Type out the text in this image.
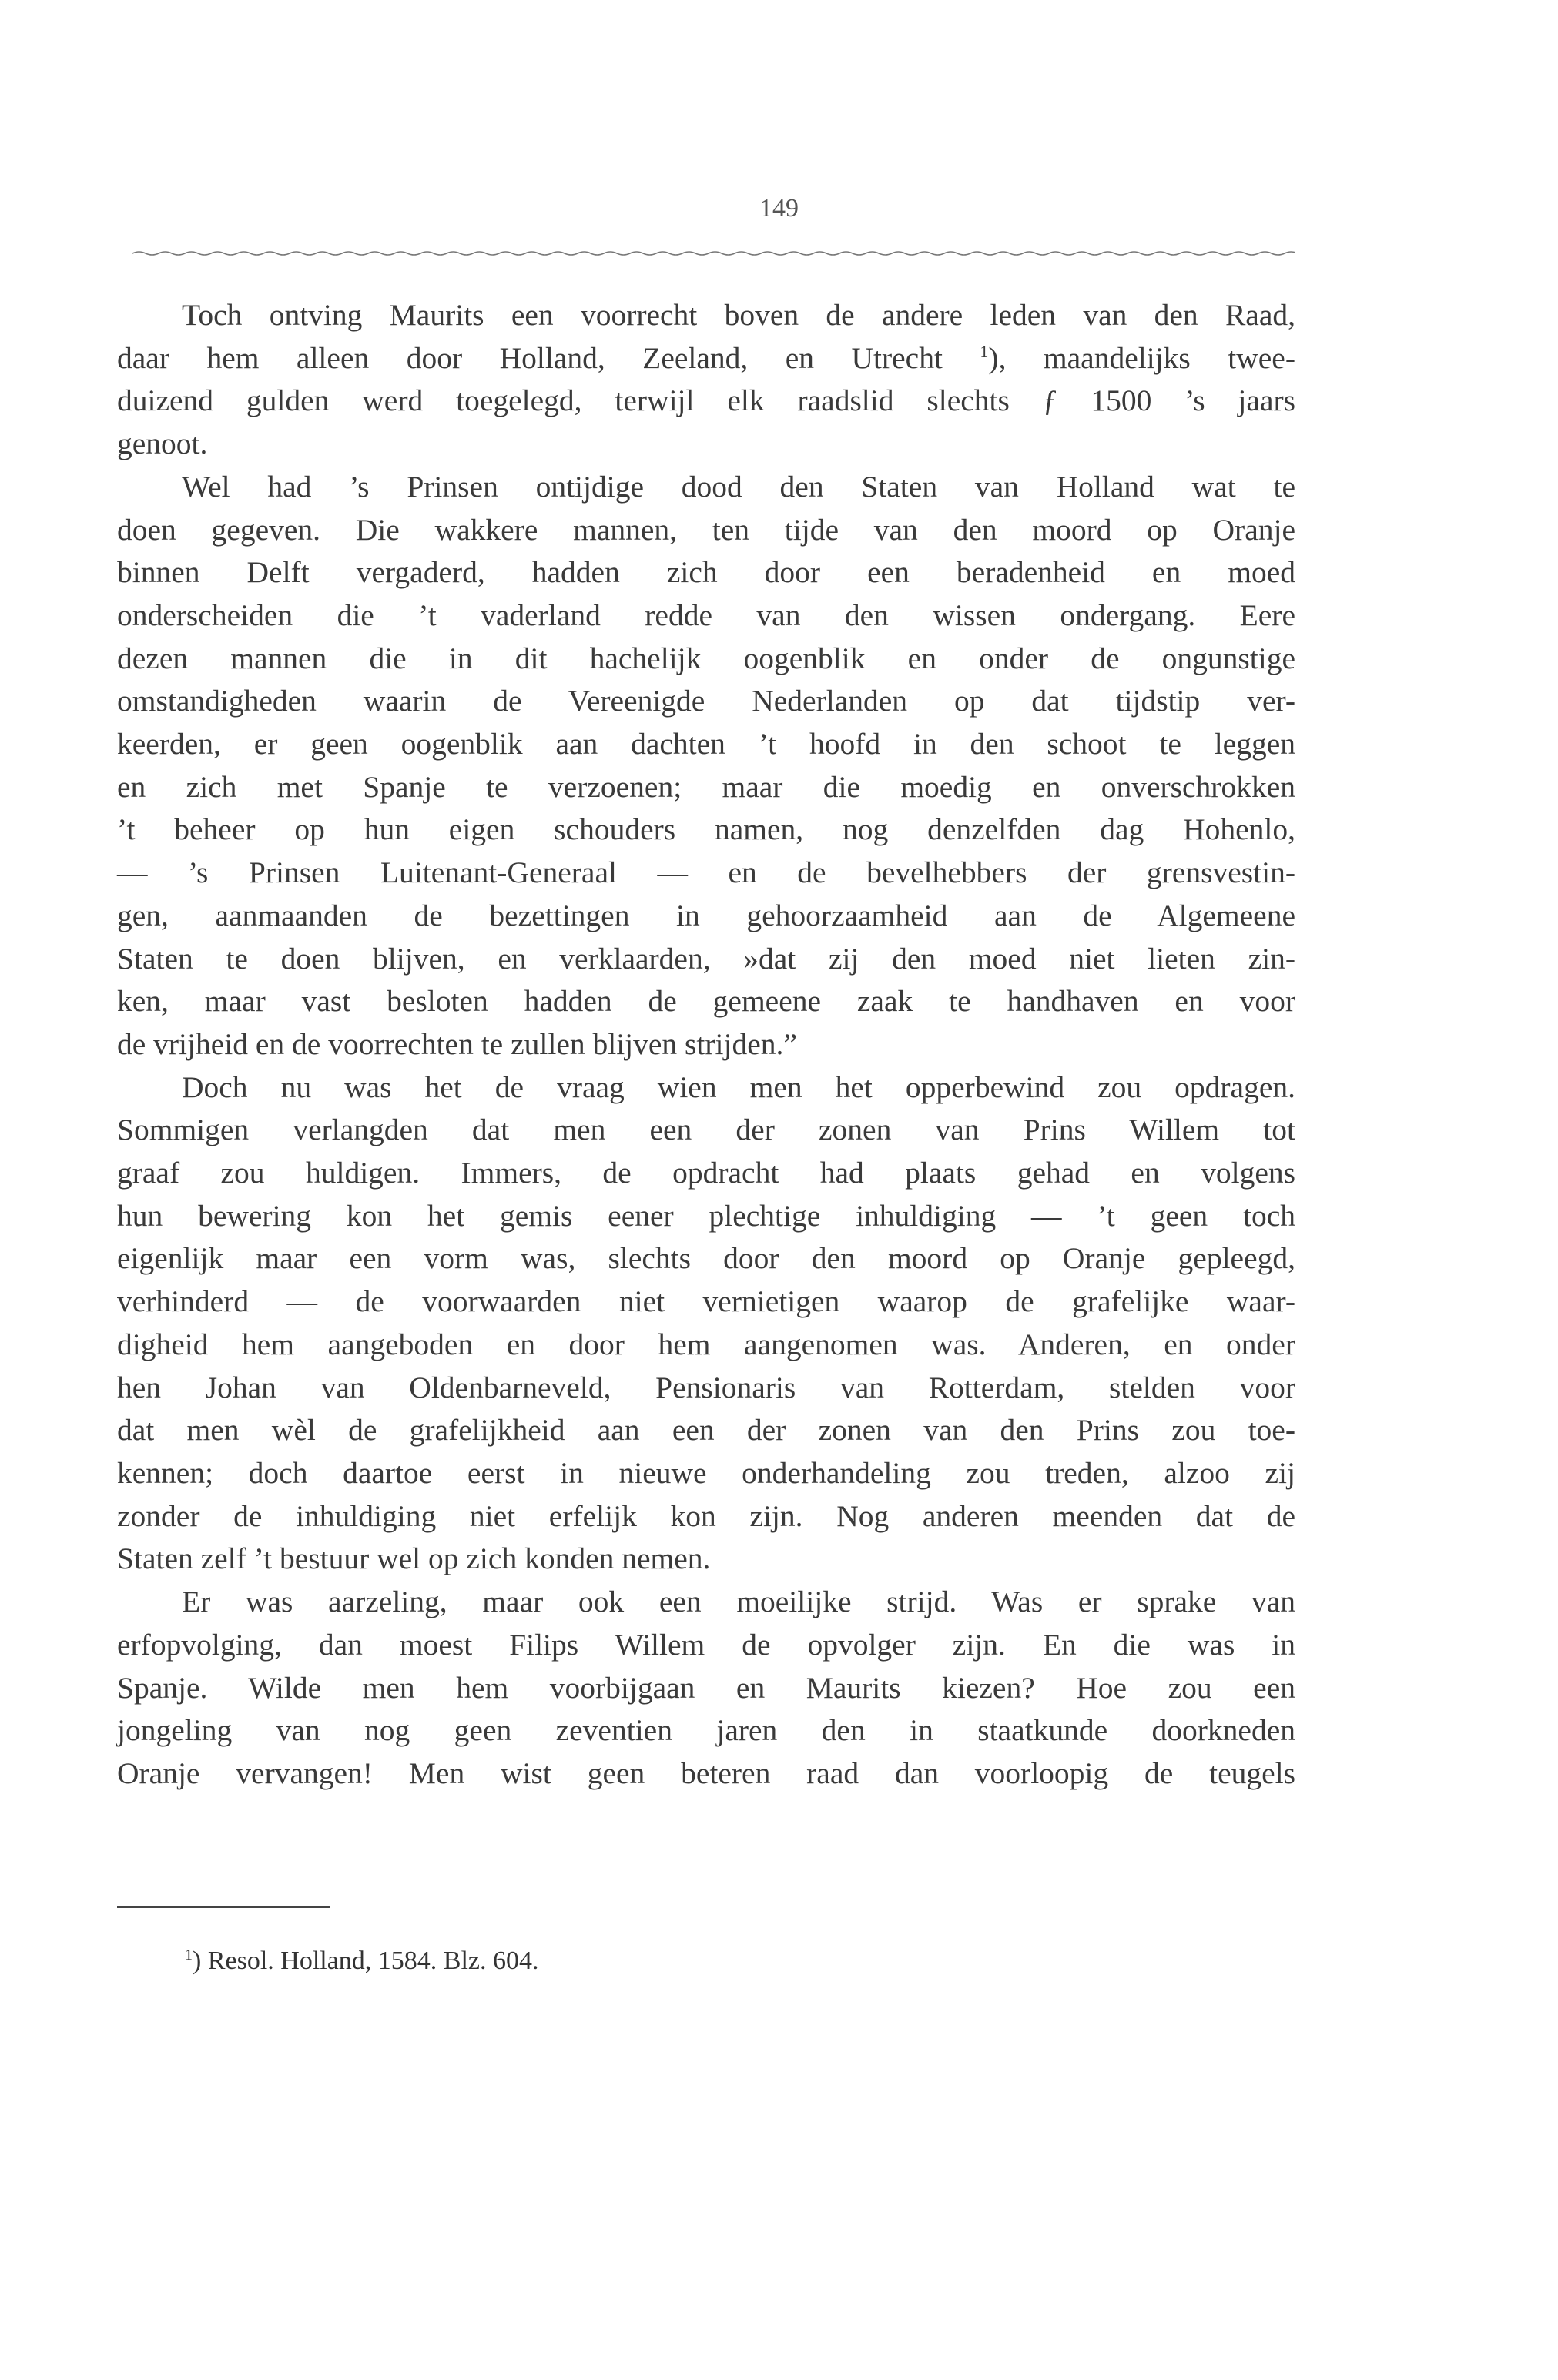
149

Toch ontving Maurits een voorrecht boven de andere leden van den Raad,
daar hem alleen door Holland, Zeeland, en Utrecht $^1$), maandelijks twee-
duizend gulden werd toegelegd, terwijl elk raadslid slechts ƒ 1500 ’s jaars
genoot.

Wel had ’s Prinsen ontijdige dood den Staten van Holland wat te
doen gegeven. Die wakkere mannen, ten tijde van den moord op Oranje
binnen Delft vergaderd, hadden zich door een beradenheid en moed
onderscheiden die ’t vaderland redde van den wissen ondergang. Eere
dezen mannen die in dit hachelijk oogenblik en onder de ongunstige
omstandigheden waarin de Vereenigde Nederlanden op dat tijdstip ver-
keerden, er geen oogenblik aan dachten ’t hoofd in den schoot te leggen
en zich met Spanje te verzoenen; maar die moedig en onverschrokken
’t beheer op hun eigen schouders namen, nog denzelfden dag Hohenlo,
— ’s Prinsen Luitenant-Generaal — en de bevelhebbers der grensvestin-
gen, aanmaanden de bezettingen in gehoorzaamheid aan de Algemeene
Staten te doen blijven, en verklaarden, »dat zij den moed niet lieten zin-
ken, maar vast besloten hadden de gemeene zaak te handhaven en voor
de vrijheid en de voorrechten te zullen blijven strijden.”

Doch nu was het de vraag wien men het opperbewind zou opdragen.
Sommigen verlangden dat men een der zonen van Prins Willem tot
graaf zou huldigen. Immers, de opdracht had plaats gehad en volgens
hun bewering kon het gemis eener plechtige inhuldiging — ’t geen toch
eigenlijk maar een vorm was, slechts door den moord op Oranje gepleegd,
verhinderd — de voorwaarden niet vernietigen waarop de grafelijke waar-
digheid hem aangeboden en door hem aangenomen was. Anderen, en onder
hen Johan van Oldenbarneveld, Pensionaris van Rotterdam, stelden voor
dat men wèl de grafelijkheid aan een der zonen van den Prins zou toe-
kennen; doch daartoe eerst in nieuwe onderhandeling zou treden, alzoo zij
zonder de inhuldiging niet erfelijk kon zijn. Nog anderen meenden dat de
Staten zelf ’t bestuur wel op zich konden nemen.

Er was aarzeling, maar ook een moeilijke strijd. Was er sprake van
erfopvolging, dan moest Filips Willem de opvolger zijn. En die was in
Spanje. Wilde men hem voorbijgaan en Maurits kiezen? Hoe zou een
jongeling van nog geen zeventien jaren den in staatkunde doorkneden
Oranje vervangen! Men wist geen beteren raad dan voorloopig de teugels

$^1$) Resol. Holland, 1584. Blz. 604.
